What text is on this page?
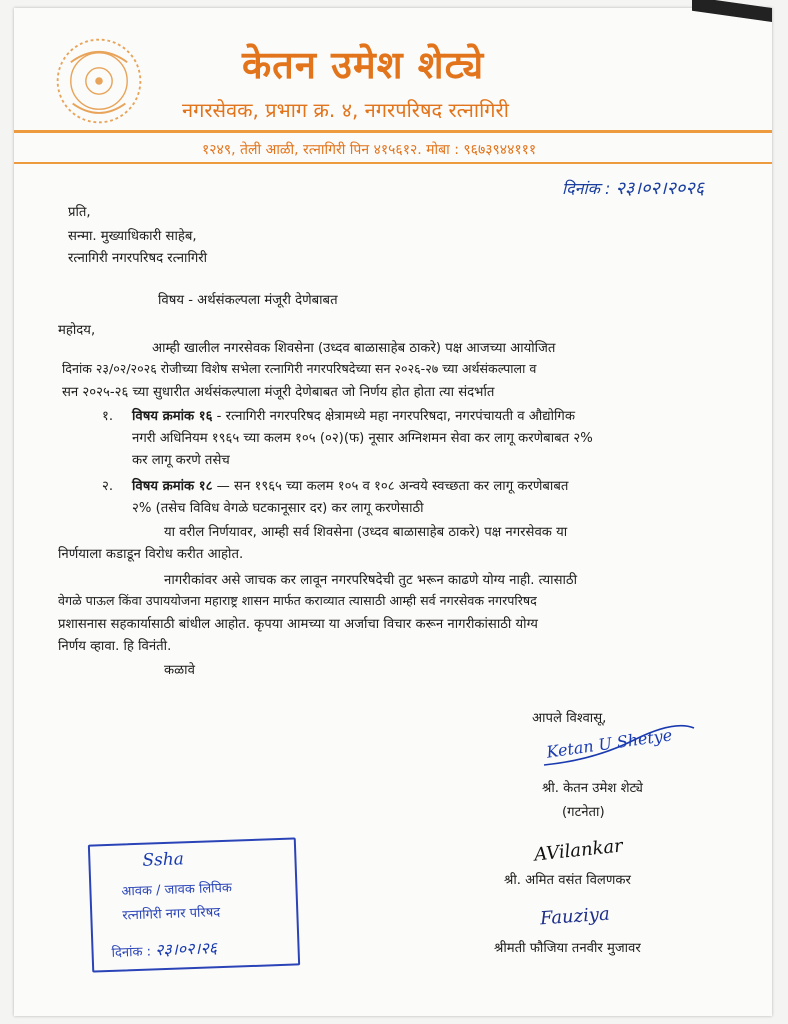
केतन उमेश शेट्ये
नगरसेवक, प्रभाग क्र. ४, नगरपरिषद रत्नागिरी
१२४९, तेली आळी, रत्नागिरी पिन ४१५६१२. मोबा : ९६७३९४४१११
दिनांक : २३।०२।२०२६
प्रति,
सन्मा. मुख्याधिकारी साहेब,
रत्नागिरी नगरपरिषद रत्नागिरी
विषय - अर्थसंकल्पला मंजूरी देणेबाबत
महोदय,
आम्ही खालील नगरसेवक शिवसेना (उध्दव बाळासाहेब ठाकरे) पक्ष आजच्या आयोजित
दिनांक २३/०२/२०२६ रोजीच्या विशेष सभेला रत्नागिरी नगरपरिषदेच्या सन २०२६-२७ च्या अर्थसंकल्पाला व
सन २०२५-२६ च्या सुधारीत अर्थसंकल्पाला मंजूरी देणेबाबत जो निर्णय होत होता त्या संदर्भात
१. विषय क्रमांक १६ - रत्नागिरी नगरपरिषद क्षेत्रामध्ये महा नगरपरिषदा, नगरपंचायती व औद्योगिक
नगरी अधिनियम १९६५ च्या कलम १०५ (०२)(फ) नूसार अग्निशमन सेवा कर लागू करणेबाबत २%
कर लागू करणे तसेच
२. विषय क्रमांक १८ — सन १९६५ च्या कलम १०५ व १०८ अन्वये स्वच्छता कर लागू करणेबाबत
२% (तसेच विविध वेगळे घटकानूसार दर) कर लागू करणेसाठी
या वरील निर्णयावर, आम्ही सर्व शिवसेना (उध्दव बाळासाहेब ठाकरे) पक्ष नगरसेवक या
निर्णयाला कडाडून विरोध करीत आहोत.
नागरीकांवर असे जाचक कर लावून नगरपरिषदेची तुट भरून काढणे योग्य नाही. त्यासाठी
वेगळे पाऊल किंवा उपाययोजना महाराष्ट्र शासन मार्फत कराव्यात त्यासाठी आम्ही सर्व नगरसेवक नगरपरिषद
प्रशासनास सहकार्यासाठी बांधील आहोत. कृपया आमच्या या अर्जाचा विचार करून नागरीकांसाठी योग्य
निर्णय व्हावा. हि विनंती.
कळावे
आपले विश्वासू,
Ketan U Shetye
श्री. केतन उमेश शेट्ये
(गटनेता)
AVilankar
श्री. अमित वसंत विलणकर
Fauziya
श्रीमती फौजिया तनवीर मुजावर
Ssha
आवक / जावक लिपिक
रत्नागिरी नगर परिषद
दिनांक : २३।०२।२६
